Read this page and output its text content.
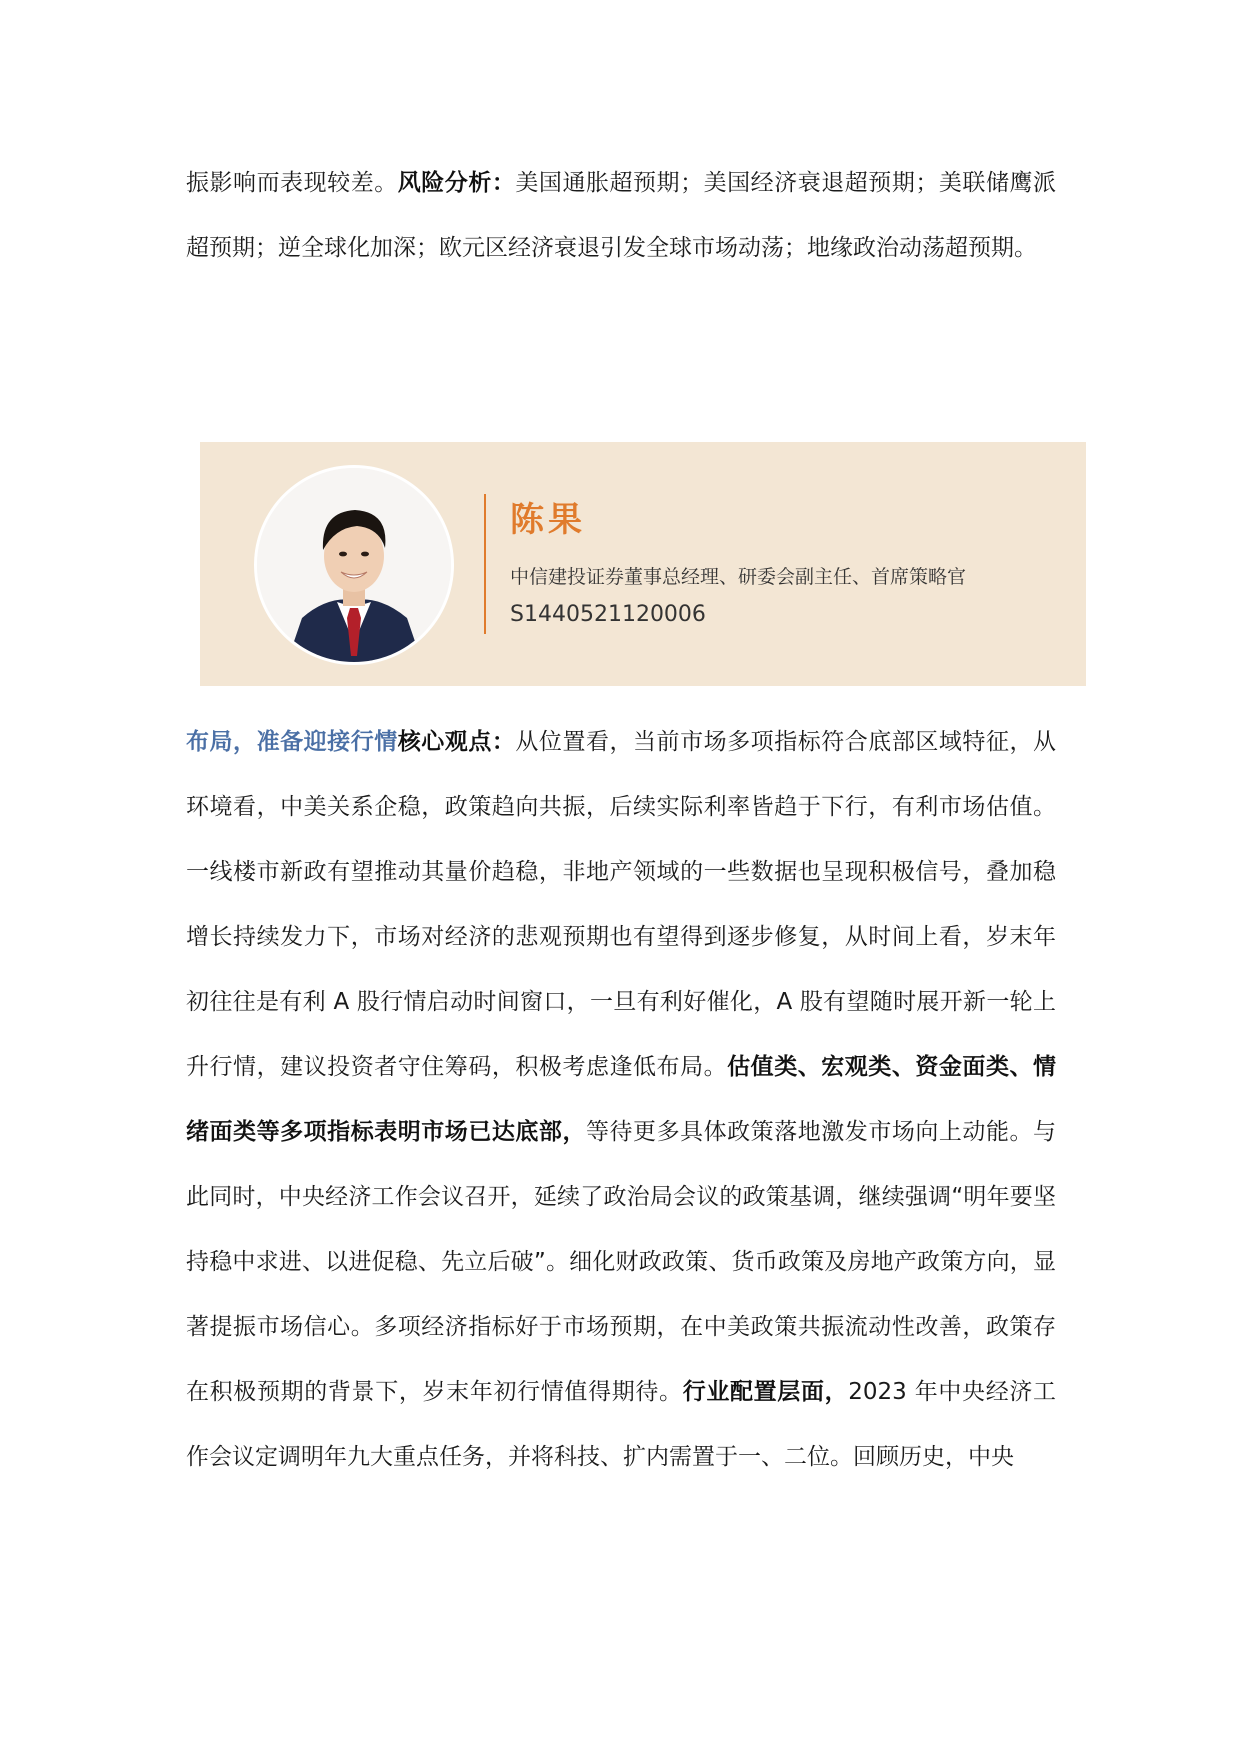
振影响而表现较差。风险分析：美国通胀超预期；美国经济衰退超预期；美联储鹰派超预期；逆全球化加深；欧元区经济衰退引发全球市场动荡；地缘政治动荡超预期。

陈果
中信建投证券董事总经理、研委会副主任、首席策略官
S1440521120006

布局，准备迎接行情核心观点：从位置看，当前市场多项指标符合底部区域特征，从环境看，中美关系企稳，政策趋向共振，后续实际利率皆趋于下行，有利市场估值。一线楼市新政有望推动其量价趋稳，非地产领域的一些数据也呈现积极信号，叠加稳增长持续发力下，市场对经济的悲观预期也有望得到逐步修复，从时间上看，岁末年初往往是有利 A 股行情启动时间窗口，一旦有利好催化，A 股有望随时展开新一轮上升行情，建议投资者守住筹码，积极考虑逢低布局。估值类、宏观类、资金面类、情绪面类等多项指标表明市场已达底部，等待更多具体政策落地激发市场向上动能。与此同时，中央经济工作会议召开，延续了政治局会议的政策基调，继续强调“明年要坚持稳中求进、以进促稳、先立后破”。细化财政政策、货币政策及房地产政策方向，显著提振市场信心。多项经济指标好于市场预期，在中美政策共振流动性改善，政策存在积极预期的背景下，岁末年初行情值得期待。行业配置层面，2023 年中央经济工作会议定调明年九大重点任务，并将科技、扩内需置于一、二位。回顾历史，中央
